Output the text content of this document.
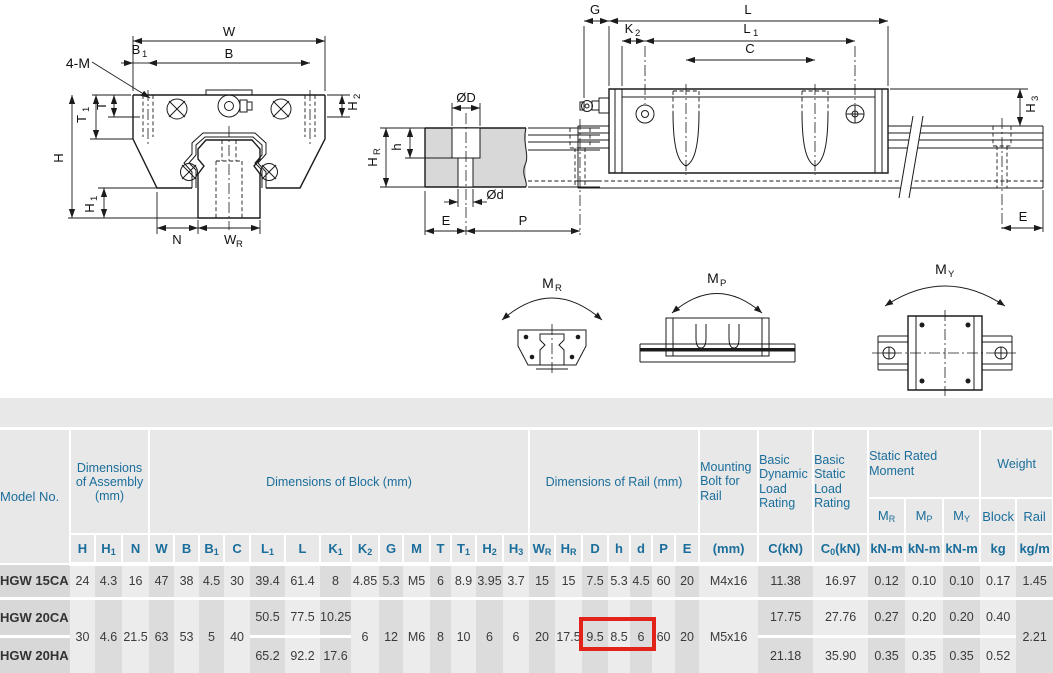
W
B
B 1
4-M
H
2
T
T
1
H
H
1
N	W R
ØD
h
H
R
Ød
E	P
G	L
K 2	L 1
C
H
3
E
M R
M P
M Y
Model No.	Dimensions of Assembly (mm)			Dimensions of Block (mm)														Dimensions of Rail (mm)							Mounting Bolt for Rail	Basic Dynamic Load Rating	Basic Static Load Rating	Static Rated Moment			Weight	
																												MR	MP	MY	Block	Rail
	H	H1	N	W	B	B1	C	L1	L	K1	K2	G	M	T	T1	H2	H3	WR	HR	D	h	d	P	E	(mm)	C(kN)	C0(kN)	kN-m	kN-m	kN-m	kg	kg/m
HGW 15CA	24	4.3	16	47	38	4.5	30	39.4	61.4	8	4.85	5.3	M5	6	8.9	3.95	3.7	15	15	7.5	5.3	4.5	60	20	M4x16	11.38	16.97	0.12	0.10	0.10	0.17	1.45
HGW 20CA	30	4.6	21.5	63	53	5	40	50.5	77.5	10.25	6	12	M6	8	10	6	6	20	17.5	9.5	8.5	6	60	20	M5x16	17.75	27.76	0.27	0.20	0.20	0.40	2.21
HGW 20HA								65.2	92.2	17.6																21.18	35.90	0.35	0.35	0.35	0.52	
